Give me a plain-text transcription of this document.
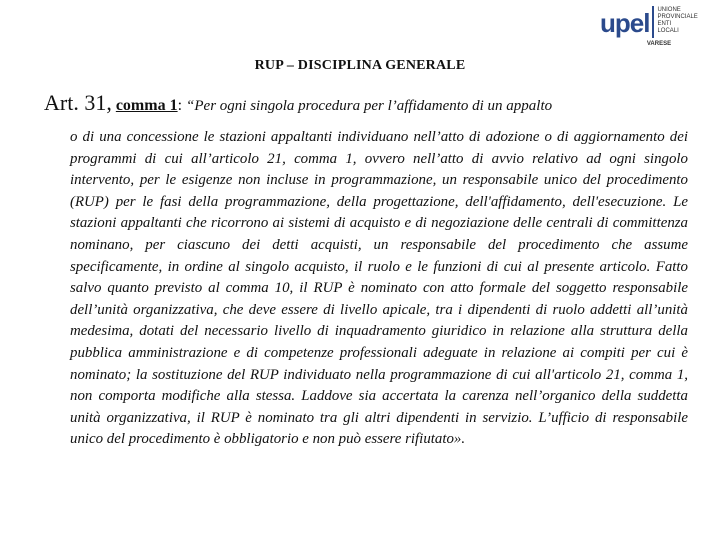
upel UNIONE
PROVINCIALE
ENTI
LOCALI
VARESE
RUP – DISCIPLINA GENERALE
Art. 31, comma 1: “Per ogni singola procedura per l’affidamento di un appalto
o di una concessione le stazioni appaltanti individuano nell’atto di adozione o di aggiornamento dei programmi di cui all’articolo 21, comma 1, ovvero nell’atto di avvio relativo ad ogni singolo intervento, per le esigenze non incluse in programmazione, un responsabile unico del procedimento (RUP) per le fasi della programmazione, della progettazione, dell'affidamento, dell'esecuzione. Le stazioni appaltanti che ricorrono ai sistemi di acquisto e di negoziazione delle centrali di committenza nominano, per ciascuno dei detti acquisti, un responsabile del procedimento che assume specificamente, in ordine al singolo acquisto, il ruolo e le funzioni di cui al presente articolo. Fatto salvo quanto previsto al comma 10, il RUP è nominato con atto formale del soggetto responsabile dell’unità organizzativa, che deve essere di livello apicale, tra i dipendenti di ruolo addetti all’unità medesima, dotati del necessario livello di inquadramento giuridico in relazione alla struttura della pubblica amministrazione e di competenze professionali adeguate in relazione ai compiti per cui è nominato; la sostituzione del RUP individuato nella programmazione di cui all'articolo 21, comma 1, non comporta modifiche alla stessa. Laddove sia accertata la carenza nell’organico della suddetta unità organizzativa, il RUP è nominato tra gli altri dipendenti in servizio. L’ufficio di responsabile unico del procedimento è obbligatorio e non può essere rifiutato».
